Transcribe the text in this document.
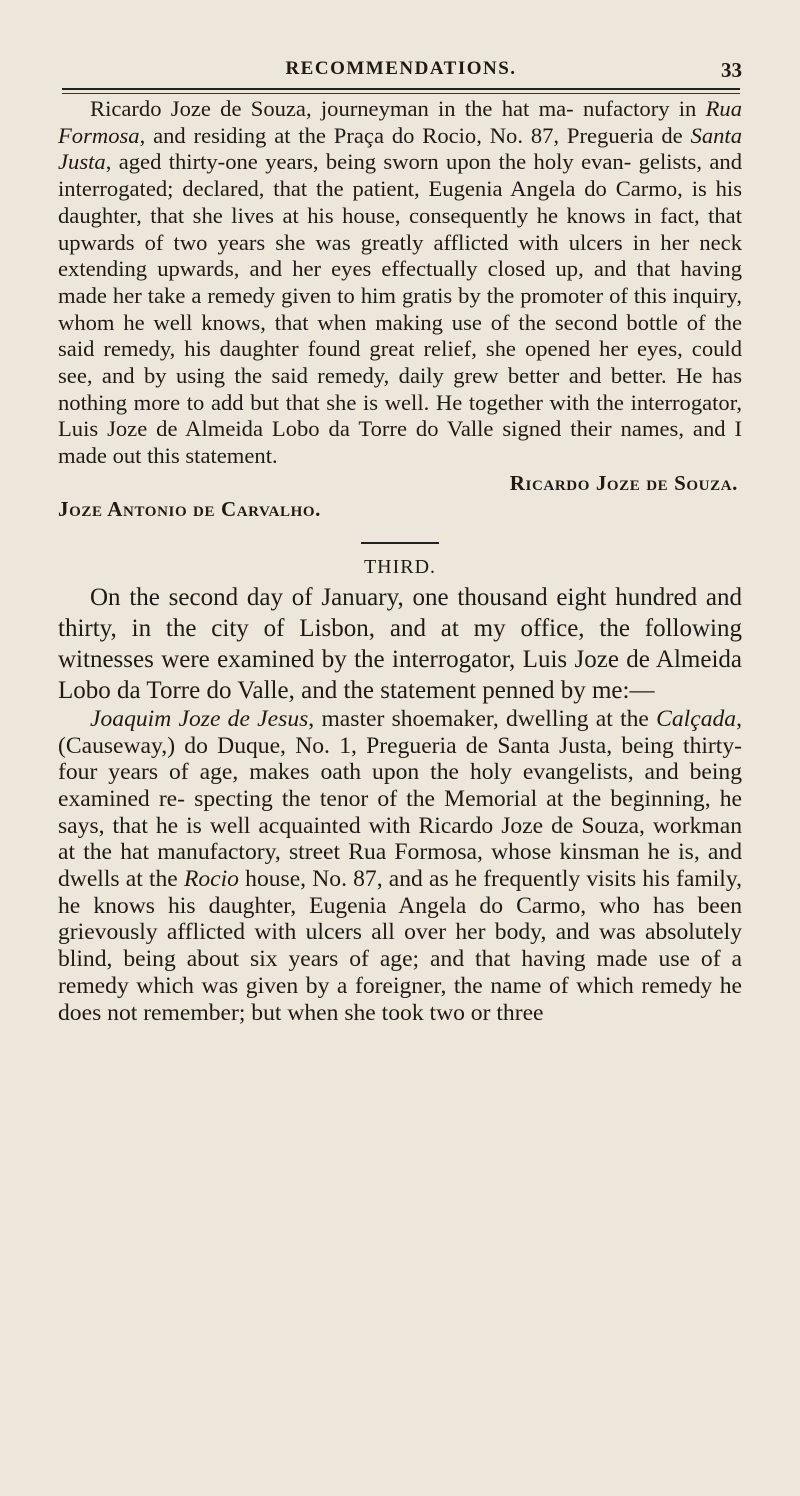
RECOMMENDATIONS.	33

Ricardo Joze de Souza, journeyman in the hat ma- nufactory in Rua Formosa, and residing at the Praça do Rocio, No. 87, Pregueria de Santa Justa, aged thirty-one years, being sworn upon the holy evan- gelists, and interrogated; declared, that the patient, Eugenia Angela do Carmo, is his daughter, that she lives at his house, consequently he knows in fact, that upwards of two years she was greatly afflicted with ulcers in her neck extending upwards, and her eyes effectually closed up, and that having made her take a remedy given to him gratis by the promoter of this inquiry, whom he well knows, that when making use of the second bottle of the said remedy, his daughter found great relief, she opened her eyes, could see, and by using the said remedy, daily grew better and better. He has nothing more to add but that she is well. He together with the interrogator, Luis Joze de Almeida Lobo da Torre do Valle signed their names, and I made out this statement.

Ricardo Joze de Souza.
Joze Antonio de Carvalho.
THIRD.

On the second day of January, one thousand eight hundred and thirty, in the city of Lisbon, and at my office, the following witnesses were examined by the interrogator, Luis Joze de Almeida Lobo da Torre do Valle, and the statement penned by me:—

Joaquim Joze de Jesus, master shoemaker, dwelling at the Calçada, (Causeway,) do Duque, No. 1, Pregueria de Santa Justa, being thirty-four years of age, makes oath upon the holy evangelists, and being examined re- specting the tenor of the Memorial at the beginning, he says, that he is well acquainted with Ricardo Joze de Souza, workman at the hat manufactory, street Rua Formosa, whose kinsman he is, and dwells at the Rocio house, No. 87, and as he frequently visits his family, he knows his daughter, Eugenia Angela do Carmo, who has been grievously afflicted with ulcers all over her body, and was absolutely blind, being about six years of age; and that having made use of a remedy which was given by a foreigner, the name of which remedy he does not remember; but when she took two or three
